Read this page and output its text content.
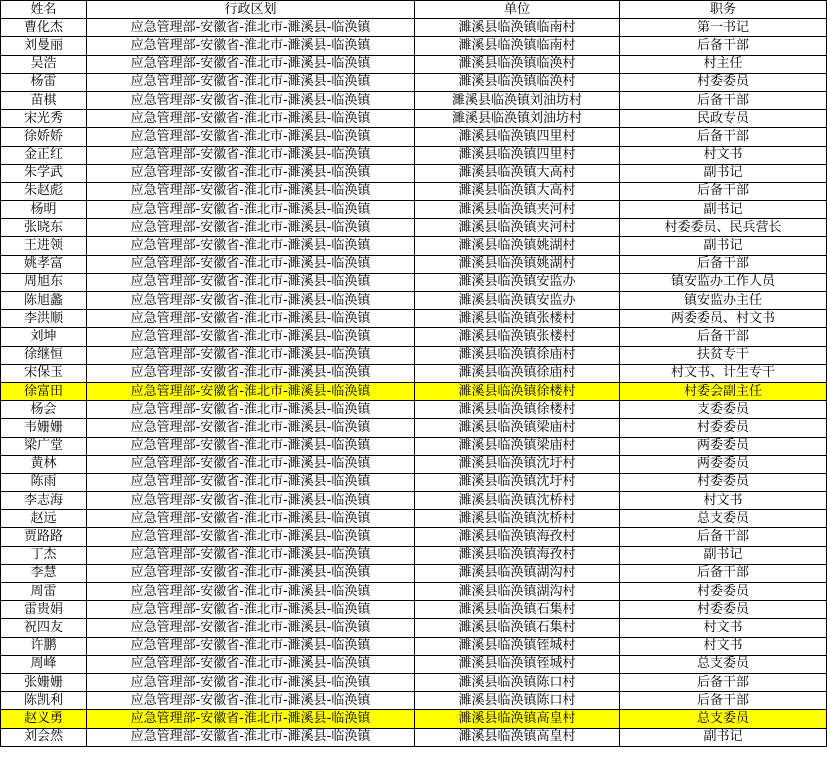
姓名	行政区划	单位	职务
曹化杰	应急管理部-安徽省-淮北市-濉溪县-临涣镇	濉溪县临涣镇临南村	第一书记
刘曼丽	应急管理部-安徽省-淮北市-濉溪县-临涣镇	濉溪县临涣镇临南村	后备干部
吴浩	应急管理部-安徽省-淮北市-濉溪县-临涣镇	濉溪县临涣镇临涣村	村主任
杨雷	应急管理部-安徽省-淮北市-濉溪县-临涣镇	濉溪县临涣镇临涣村	村委委员
苗棋	应急管理部-安徽省-淮北市-濉溪县-临涣镇	濉溪县临涣镇刘油坊村	后备干部
宋光秀	应急管理部-安徽省-淮北市-濉溪县-临涣镇	濉溪县临涣镇刘油坊村	民政专员
徐娇娇	应急管理部-安徽省-淮北市-濉溪县-临涣镇	濉溪县临涣镇四里村	后备干部
金正红	应急管理部-安徽省-淮北市-濉溪县-临涣镇	濉溪县临涣镇四里村	村文书
朱学武	应急管理部-安徽省-淮北市-濉溪县-临涣镇	濉溪县临涣镇大高村	副书记
朱赵彪	应急管理部-安徽省-淮北市-濉溪县-临涣镇	濉溪县临涣镇大高村	后备干部
杨明	应急管理部-安徽省-淮北市-濉溪县-临涣镇	濉溪县临涣镇夹河村	副书记
张晓东	应急管理部-安徽省-淮北市-濉溪县-临涣镇	濉溪县临涣镇夹河村	村委委员、民兵营长
王进领	应急管理部-安徽省-淮北市-濉溪县-临涣镇	濉溪县临涣镇姚湖村	副书记
姚孝富	应急管理部-安徽省-淮北市-濉溪县-临涣镇	濉溪县临涣镇姚湖村	后备干部
周旭东	应急管理部-安徽省-淮北市-濉溪县-临涣镇	濉溪县临涣镇安监办	镇安监办工作人员
陈旭蠡	应急管理部-安徽省-淮北市-濉溪县-临涣镇	濉溪县临涣镇安监办	镇安监办主任
李洪顺	应急管理部-安徽省-淮北市-濉溪县-临涣镇	濉溪县临涣镇张楼村	两委委员、村文书
刘坤	应急管理部-安徽省-淮北市-濉溪县-临涣镇	濉溪县临涣镇张楼村	后备干部
徐继恒	应急管理部-安徽省-淮北市-濉溪县-临涣镇	濉溪县临涣镇徐庙村	扶贫专干
宋保玉	应急管理部-安徽省-淮北市-濉溪县-临涣镇	濉溪县临涣镇徐庙村	村文书、计生专干
徐富田	应急管理部-安徽省-淮北市-濉溪县-临涣镇	濉溪县临涣镇徐楼村	村委会副主任
杨会	应急管理部-安徽省-淮北市-濉溪县-临涣镇	濉溪县临涣镇徐楼村	支委委员
韦姗姗	应急管理部-安徽省-淮北市-濉溪县-临涣镇	濉溪县临涣镇梁庙村	村委委员
梁广堂	应急管理部-安徽省-淮北市-濉溪县-临涣镇	濉溪县临涣镇梁庙村	两委委员
黄林	应急管理部-安徽省-淮北市-濉溪县-临涣镇	濉溪县临涣镇沈圩村	两委委员
陈雨	应急管理部-安徽省-淮北市-濉溪县-临涣镇	濉溪县临涣镇沈圩村	村委委员
李志海	应急管理部-安徽省-淮北市-濉溪县-临涣镇	濉溪县临涣镇沈桥村	村文书
赵远	应急管理部-安徽省-淮北市-濉溪县-临涣镇	濉溪县临涣镇沈桥村	总支委员
贾路路	应急管理部-安徽省-淮北市-濉溪县-临涣镇	濉溪县临涣镇海孜村	后备干部
丁杰	应急管理部-安徽省-淮北市-濉溪县-临涣镇	濉溪县临涣镇海孜村	副书记
李慧	应急管理部-安徽省-淮北市-濉溪县-临涣镇	濉溪县临涣镇湖沟村	后备干部
周雷	应急管理部-安徽省-淮北市-濉溪县-临涣镇	濉溪县临涣镇湖沟村	村委委员
雷贵娟	应急管理部-安徽省-淮北市-濉溪县-临涣镇	濉溪县临涣镇石集村	村委委员
祝四友	应急管理部-安徽省-淮北市-濉溪县-临涣镇	濉溪县临涣镇石集村	村文书
许鹏	应急管理部-安徽省-淮北市-濉溪县-临涣镇	濉溪县临涣镇铚城村	村文书
周峰	应急管理部-安徽省-淮北市-濉溪县-临涣镇	濉溪县临涣镇铚城村	总支委员
张姗姗	应急管理部-安徽省-淮北市-濉溪县-临涣镇	濉溪县临涣镇陈口村	后备干部
陈凯利	应急管理部-安徽省-淮北市-濉溪县-临涣镇	濉溪县临涣镇陈口村	后备干部
赵义勇	应急管理部-安徽省-淮北市-濉溪县-临涣镇	濉溪县临涣镇高皇村	总支委员
刘会然	应急管理部-安徽省-淮北市-濉溪县-临涣镇	濉溪县临涣镇高皇村	副书记
